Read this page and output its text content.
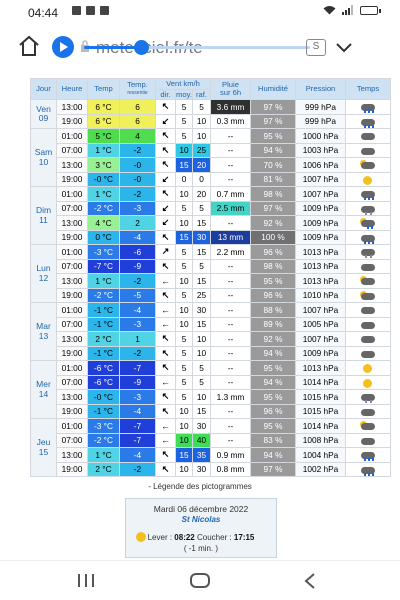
04:44
S
Jour	Heure	Temp	Temp.
ressentie	Vent km/h			Pluie
sur 6h	Humidité	Pression	Temps
				dir.	moy.	raf.				
Ven
09	13:00	6 °C	6	↖	5	5	3.6 mm	97 %	999 hPa	

	19:00	6 °C	6	↙	5	10	0.3 mm	97 %	999 hPa	

Sam
10	01:00	5 °C	4	↖	5	10	--	95 %	1000 hPa	

	07:00	1 °C	-2	↖	10	25	--	94 %	1003 hPa	

	13:00	3 °C	-0	↖	15	20	--	70 %	1006 hPa	

	19:00	-0 °C	-0	↙	0	0	--	81 %	1007 hPa	

Dim
11	01:00	1 °C	-2	↖	10	20	0.7 mm	98 %	1007 hPa	

	07:00	-2 °C	-3	↙	5	5	2.5 mm	97 %	1009 hPa	

	13:00	4 °C	2	↙	10	15	--	92 %	1009 hPa	

	19:00	0 °C	-4	↖	15	30	13 mm	100 %	1009 hPa	

Lun
12	01:00	-3 °C	-6	↗	5	15	2.2 mm	96 %	1013 hPa	

	07:00	-7 °C	-9	↖	5	5	--	98 %	1013 hPa	

	13:00	1 °C	-2	←	10	15	--	95 %	1013 hPa	

	19:00	-2 °C	-5	↖	5	25	--	96 %	1010 hPa	

Mar
13	01:00	-1 °C	-4	←	10	30	--	88 %	1007 hPa	

	07:00	-1 °C	-3	←	10	15	--	89 %	1005 hPa	

	13:00	2 °C	1	↖	5	10	--	92 %	1007 hPa	

	19:00	-1 °C	-2	↖	5	10	--	94 %	1009 hPa	

Mer
14	01:00	-6 °C	-7	↖	5	5	--	95 %	1013 hPa	

	07:00	-6 °C	-9	←	5	5	--	94 %	1014 hPa	

	13:00	-0 °C	-3	↖	5	10	1.3 mm	95 %	1015 hPa	

	19:00	-1 °C	-4	↖	10	15	--	96 %	1015 hPa	

Jeu
15	01:00	-3 °C	-7	←	10	30	--	95 %	1014 hPa	

	07:00	-2 °C	-7	←	10	40	--	83 %	1008 hPa	

	13:00	1 °C	-4	↖	15	35	0.9 mm	94 %	1004 hPa	

	19:00	2 °C	-2	↖	10	30	0.8 mm	97 %	1002 hPa	
- Légende des pictogrammes
Mardi 06 décembre 2022
St Nicolas
Lever : 08:22 Coucher : 17:15
( -1 min. )
